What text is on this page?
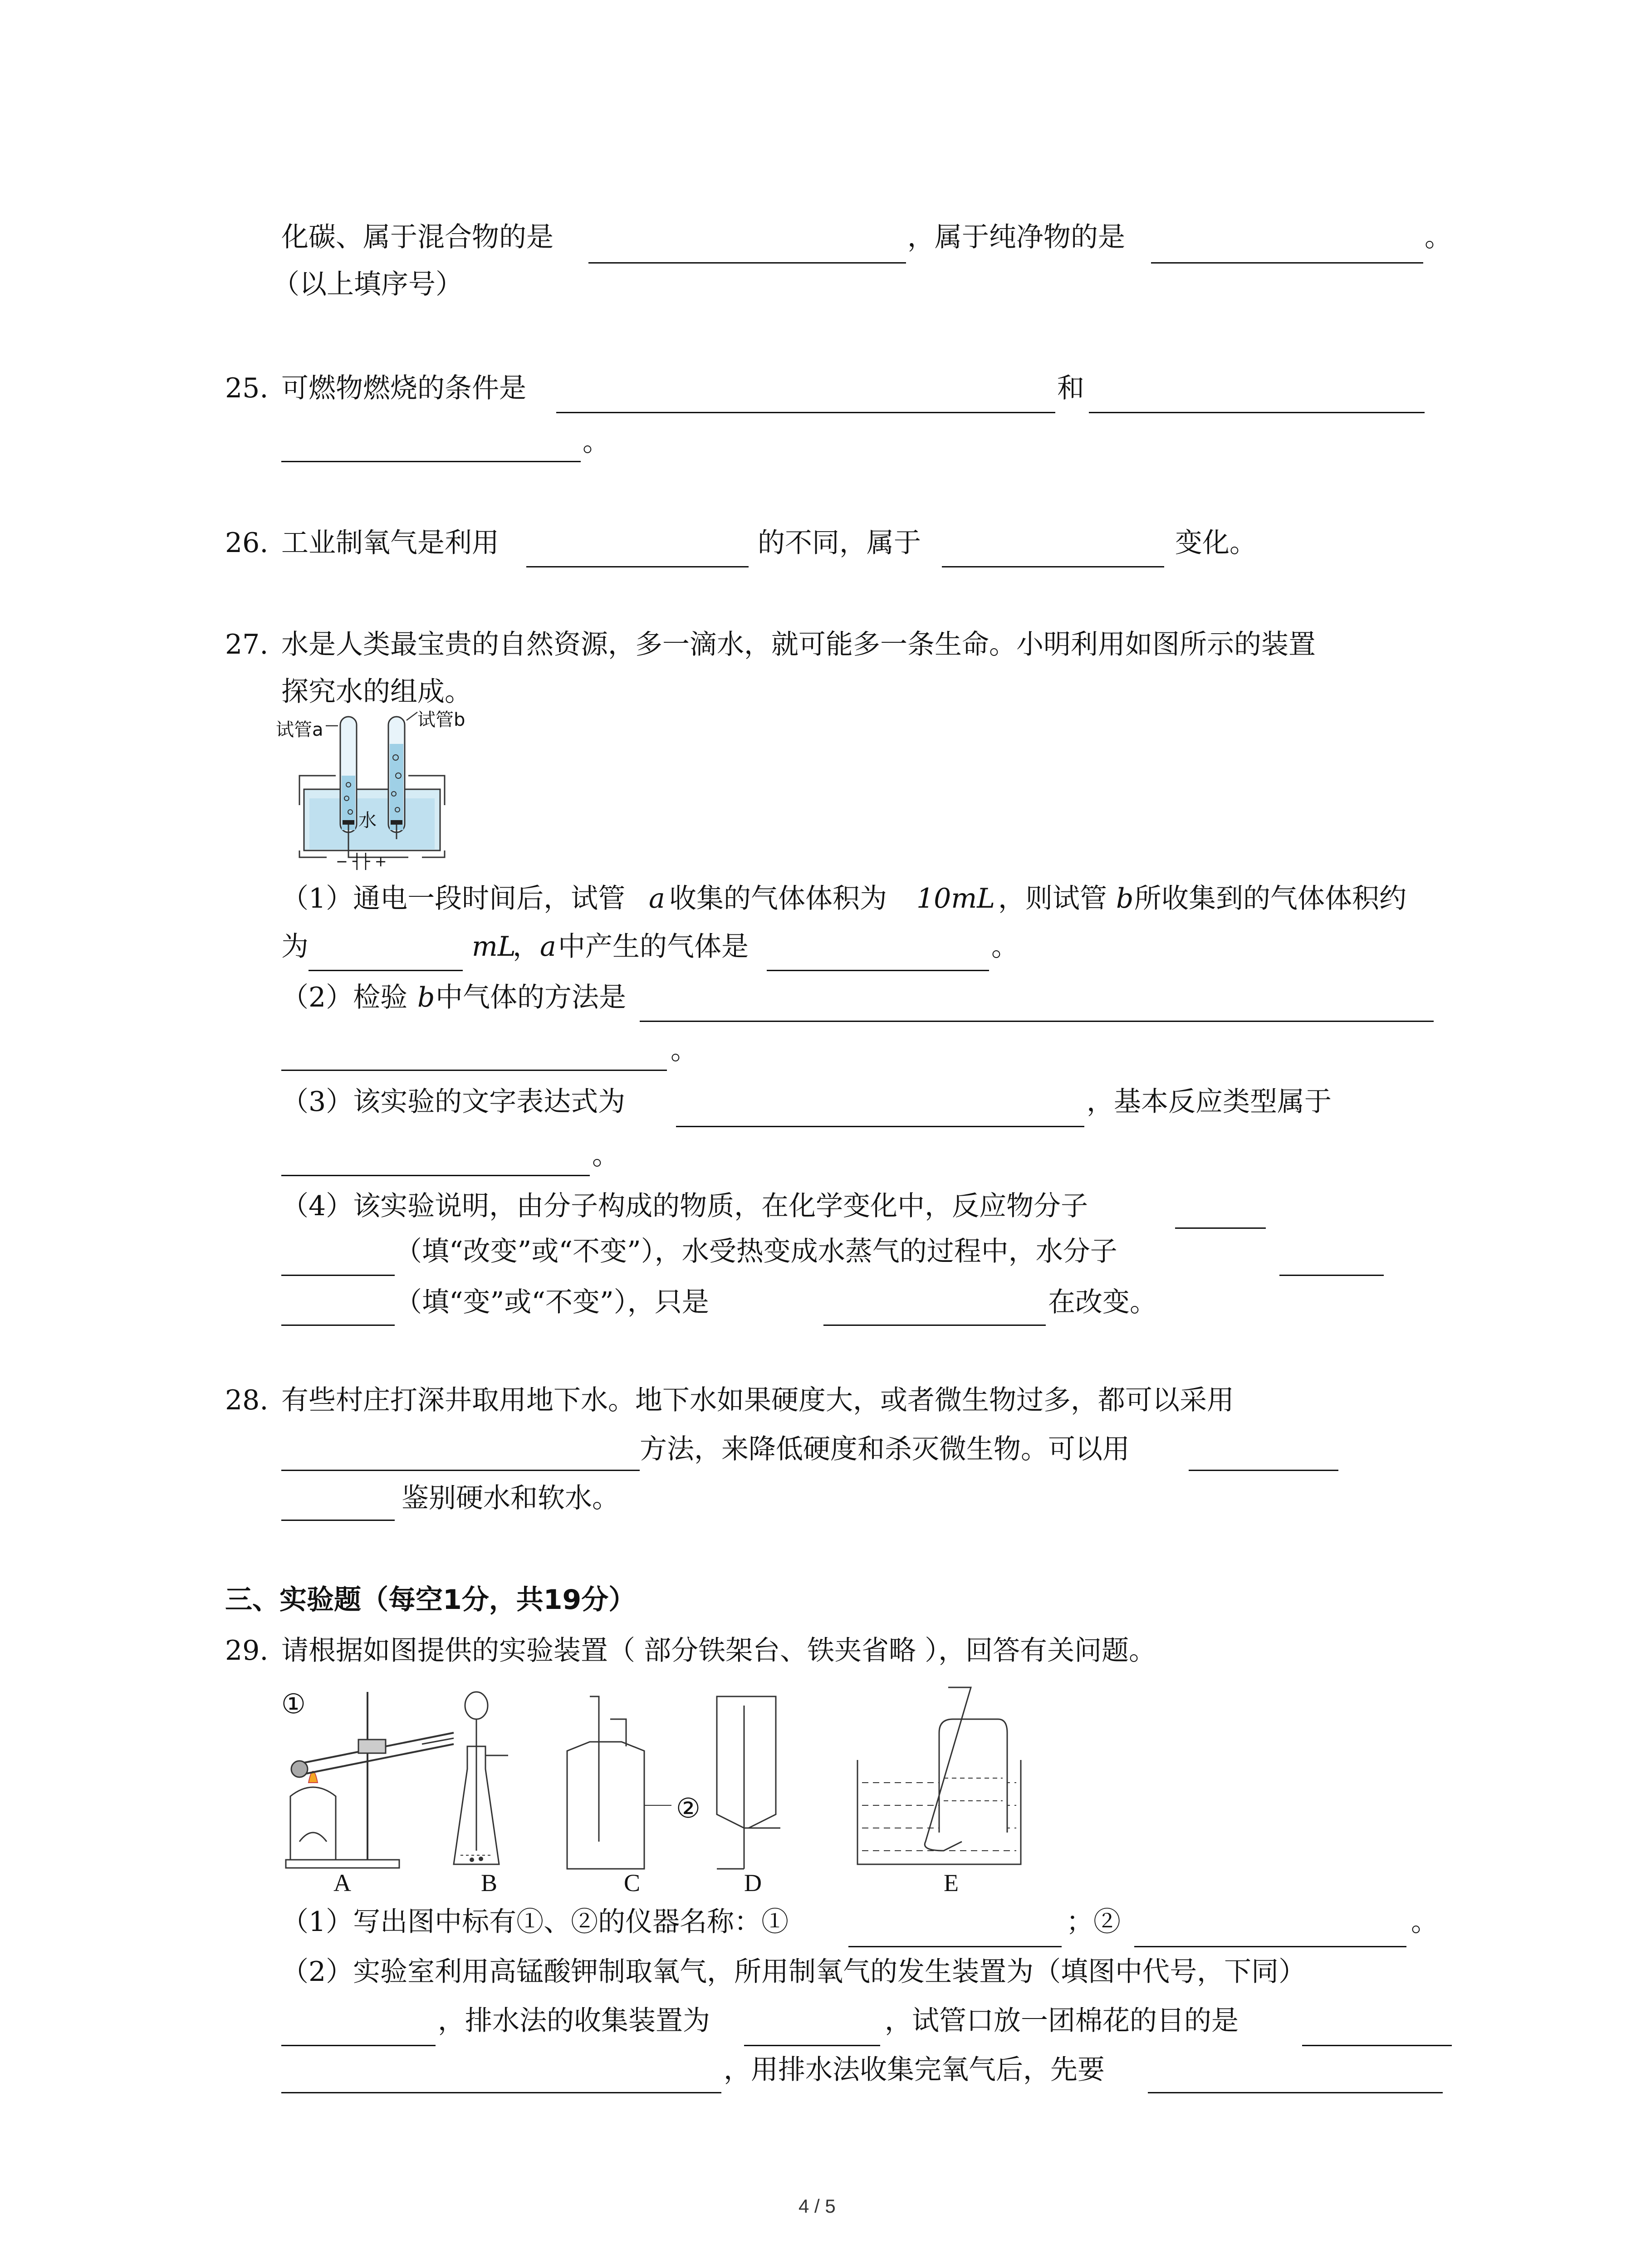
化碳、属于混合物的是	，属于纯净物的是	。
（以上填序号）
25. 可燃物燃烧的条件是	和
。
26. 工业制氧气是利用	的不同，属于	变化。
27. 水是人类最宝贵的自然资源，多一滴水，就可能多一条生命。小明利用如图所示的装置
探究水的组成。
试管a	试管b
水
− ┤├ +
（1）通电一段时间后，试管 a 收集的气体体积为 10mL ，则试管 b 所收集到的气体体积约
为	mL
， a 中产生的气体是	。
（2）检验 b 中气体的方法是
。
（3）该实验的文字表达式为	，基本反应类型属于
。
（4）该实验说明，由分子构成的物质，在化学变化中，反应物分子
（填“改变”或“不变”），水受热变成水蒸气的过程中，水分子
（填“变”或“不变”），只是	在改变。
28. 有些村庄打深井取用地下水。地下水如果硬度大，或者微生物过多，都可以采用
方法，来降低硬度和杀灭微生物。可以用
鉴别硬水和软水。
三、实验题（每空1分，共19分）
29. 请根据如图提供的实验装置（ 部分铁架台、铁夹省略 ），回答有关问题。
①
②
A	B	C	D	E
（1）写出图中标有①、②的仪器名称：①	；②	。
（2）实验室利用高锰酸钾制取氧气，所用制氧气的发生装置为（填图中代号，下同）
，排水法的收集装置为	，试管口放一团棉花的目的是
，用排水法收集完氧气后，先要
4 / 5
